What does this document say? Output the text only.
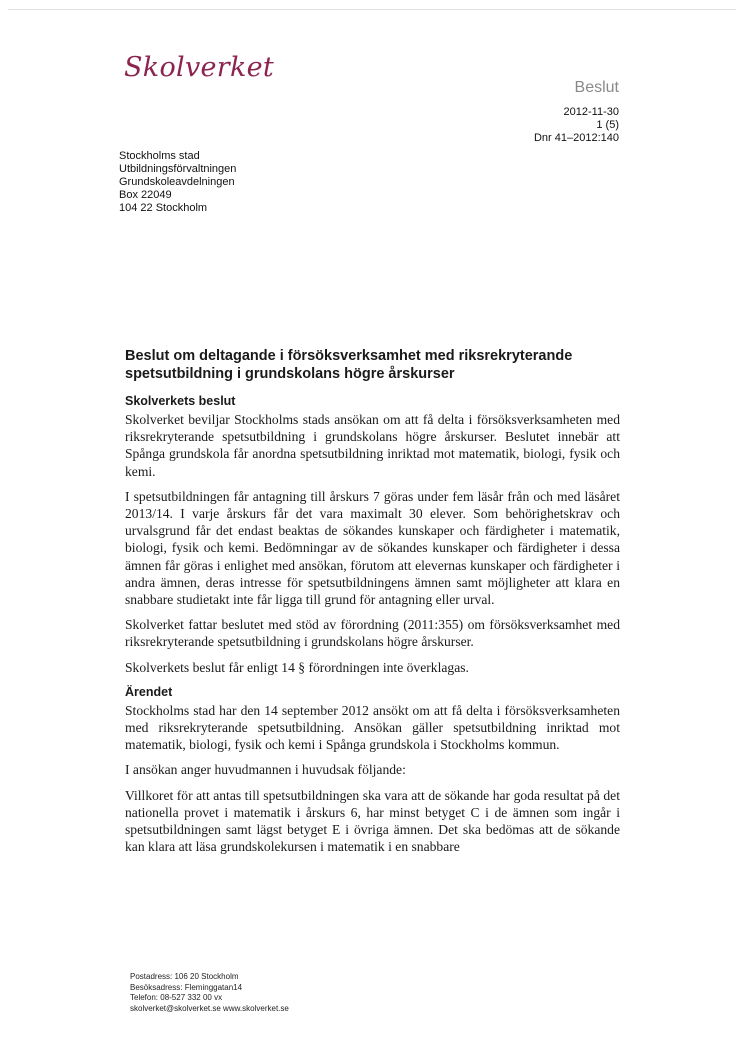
Skolverket
Beslut
2012-11-30
1 (5)
Dnr 41–2012:140
Stockholms stad
Utbildningsförvaltningen
Grundskoleavdelningen
Box 22049
104 22 Stockholm
Beslut om deltagande i försöksverksamhet med riksrekryterande spetsutbildning i grundskolans högre årskurser
Skolverkets beslut

Skolverket beviljar Stockholms stads ansökan om att få delta i försöksverksamheten med riksrekryterande spetsutbildning i grundskolans högre årskurser. Beslutet innebär att Spånga grundskola får anordna spetsutbildning inriktad mot matematik, biologi, fysik och kemi.

I spetsutbildningen får antagning till årskurs 7 göras under fem läsår från och med läsåret 2013/14. I varje årskurs får det vara maximalt 30 elever. Som behörighetskrav och urvalsgrund får det endast beaktas de sökandes kunskaper och färdigheter i matematik, biologi, fysik och kemi. Bedömningar av de sökandes kunskaper och färdigheter i dessa ämnen får göras i enlighet med ansökan, förutom att elevernas kunskaper och färdigheter i andra ämnen, deras intresse för spetsutbildningens ämnen samt möjligheter att klara en snabbare studietakt inte får ligga till grund för antagning eller urval.

Skolverket fattar beslutet med stöd av förordning (2011:355) om försöksverksamhet med riksrekryterande spetsutbildning i grundskolans högre årskurser.

Skolverkets beslut får enligt 14 § förordningen inte överklagas.

Ärendet

Stockholms stad har den 14 september 2012 ansökt om att få delta i försöksverksamheten med riksrekryterande spetsutbildning. Ansökan gäller spetsutbildning inriktad mot matematik, biologi, fysik och kemi i Spånga grundskola i Stockholms kommun.

I ansökan anger huvudmannen i huvudsak följande:

Villkoret för att antas till spetsutbildningen ska vara att de sökande har goda resultat på det nationella provet i matematik i årskurs 6, har minst betyget C i de ämnen som ingår i spetsutbildningen samt lägst betyget E i övriga ämnen. Det ska bedömas att de sökande kan klara att läsa grundskolekursen i matematik i en snabbare

Postadress: 106 20 Stockholm
Besöksadress: Fleminggatan14
Telefon: 08-527 332 00 vx
skolverket@skolverket.se www.skolverket.se
